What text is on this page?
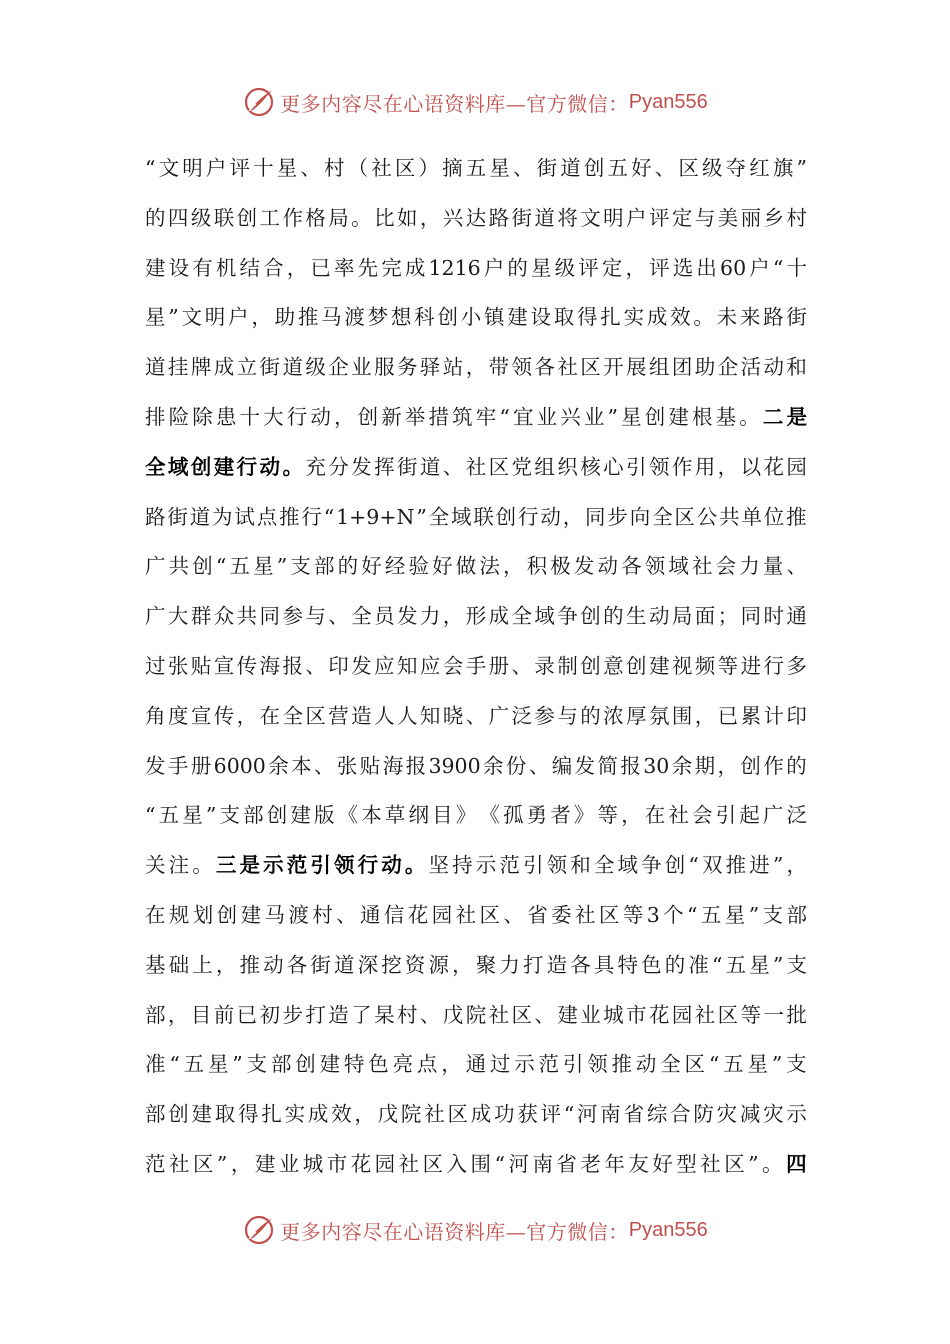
更多内容尽在心语资料库—官方微信： Pyan556
“ 文 明 户 评 十 星 、 村 （ 社 区 ） 摘 五 星 、 街 道 创 五 好 、 区 级 夺 红 旗 ”
的 四 级 联 创 工 作 格 局 。 比 如 ， 兴 达 路 街 道 将 文 明 户 评 定 与 美 丽 乡 村
建 设 有 机 结 合 ， 已 率 先 完 成 1216 户 的 星 级 评 定 ， 评 选 出 60 户 “ 十
星 ” 文 明 户 ， 助 推 马 渡 梦 想 科 创 小 镇 建 设 取 得 扎 实 成 效 。 未 来 路 街
道 挂 牌 成 立 街 道 级 企 业 服 务 驿 站 ， 带 领 各 社 区 开 展 组 团 助 企 活 动 和
排 险 除 患 十 大 行 动 ， 创 新 举 措 筑 牢 “ 宜 业 兴 业 ” 星 创 建 根 基 。 二 是
全 域 创 建 行 动 。 充 分 发 挥 街 道 、 社 区 党 组 织 核 心 引 领 作 用 ， 以 花 园
路 街 道 为 试 点 推 行 “ 1+9+N ” 全 域 联 创 行 动 ， 同 步 向 全 区 公 共 单 位 推
广 共 创 “ 五 星 ” 支 部 的 好 经 验 好 做 法 ， 积 极 发 动 各 领 域 社 会 力 量 、
广 大 群 众 共 同 参 与 、 全 员 发 力 ， 形 成 全 域 争 创 的 生 动 局 面 ； 同 时 通
过 张 贴 宣 传 海 报 、 印 发 应 知 应 会 手 册 、 录 制 创 意 创 建 视 频 等 进 行 多
角 度 宣 传 ， 在 全 区 营 造 人 人 知 晓 、 广 泛 参 与 的 浓 厚 氛 围 ， 已 累 计 印
发 手 册 6000 余 本 、 张 贴 海 报 3900 余 份 、 编 发 简 报 30 余 期 ， 创 作 的
“ 五 星 ” 支 部 创 建 版 《 本 草 纲 目 》 《 孤 勇 者 》 等 ， 在 社 会 引 起 广 泛
关 注 。 三 是 示 范 引 领 行 动 。 坚 持 示 范 引 领 和 全 域 争 创 “ 双 推 进 ” ，
在 规 划 创 建 马 渡 村 、 通 信 花 园 社 区 、 省 委 社 区 等 3 个 “ 五 星 ” 支 部
基 础 上 ， 推 动 各 街 道 深 挖 资 源 ， 聚 力 打 造 各 具 特 色 的 准 “ 五 星 ” 支
部 ， 目 前 已 初 步 打 造 了 杲 村 、 戊 院 社 区 、 建 业 城 市 花 园 社 区 等 一 批
准 “ 五 星 ” 支 部 创 建 特 色 亮 点 ， 通 过 示 范 引 领 推 动 全 区 “ 五 星 ” 支
部 创 建 取 得 扎 实 成 效 ， 戊 院 社 区 成 功 获 评 “ 河 南 省 综 合 防 灾 减 灾 示
范 社 区 ” ， 建 业 城 市 花 园 社 区 入 围 “ 河 南 省 老 年 友 好 型 社 区 ” 。 四
更多内容尽在心语资料库—官方微信： Pyan556
